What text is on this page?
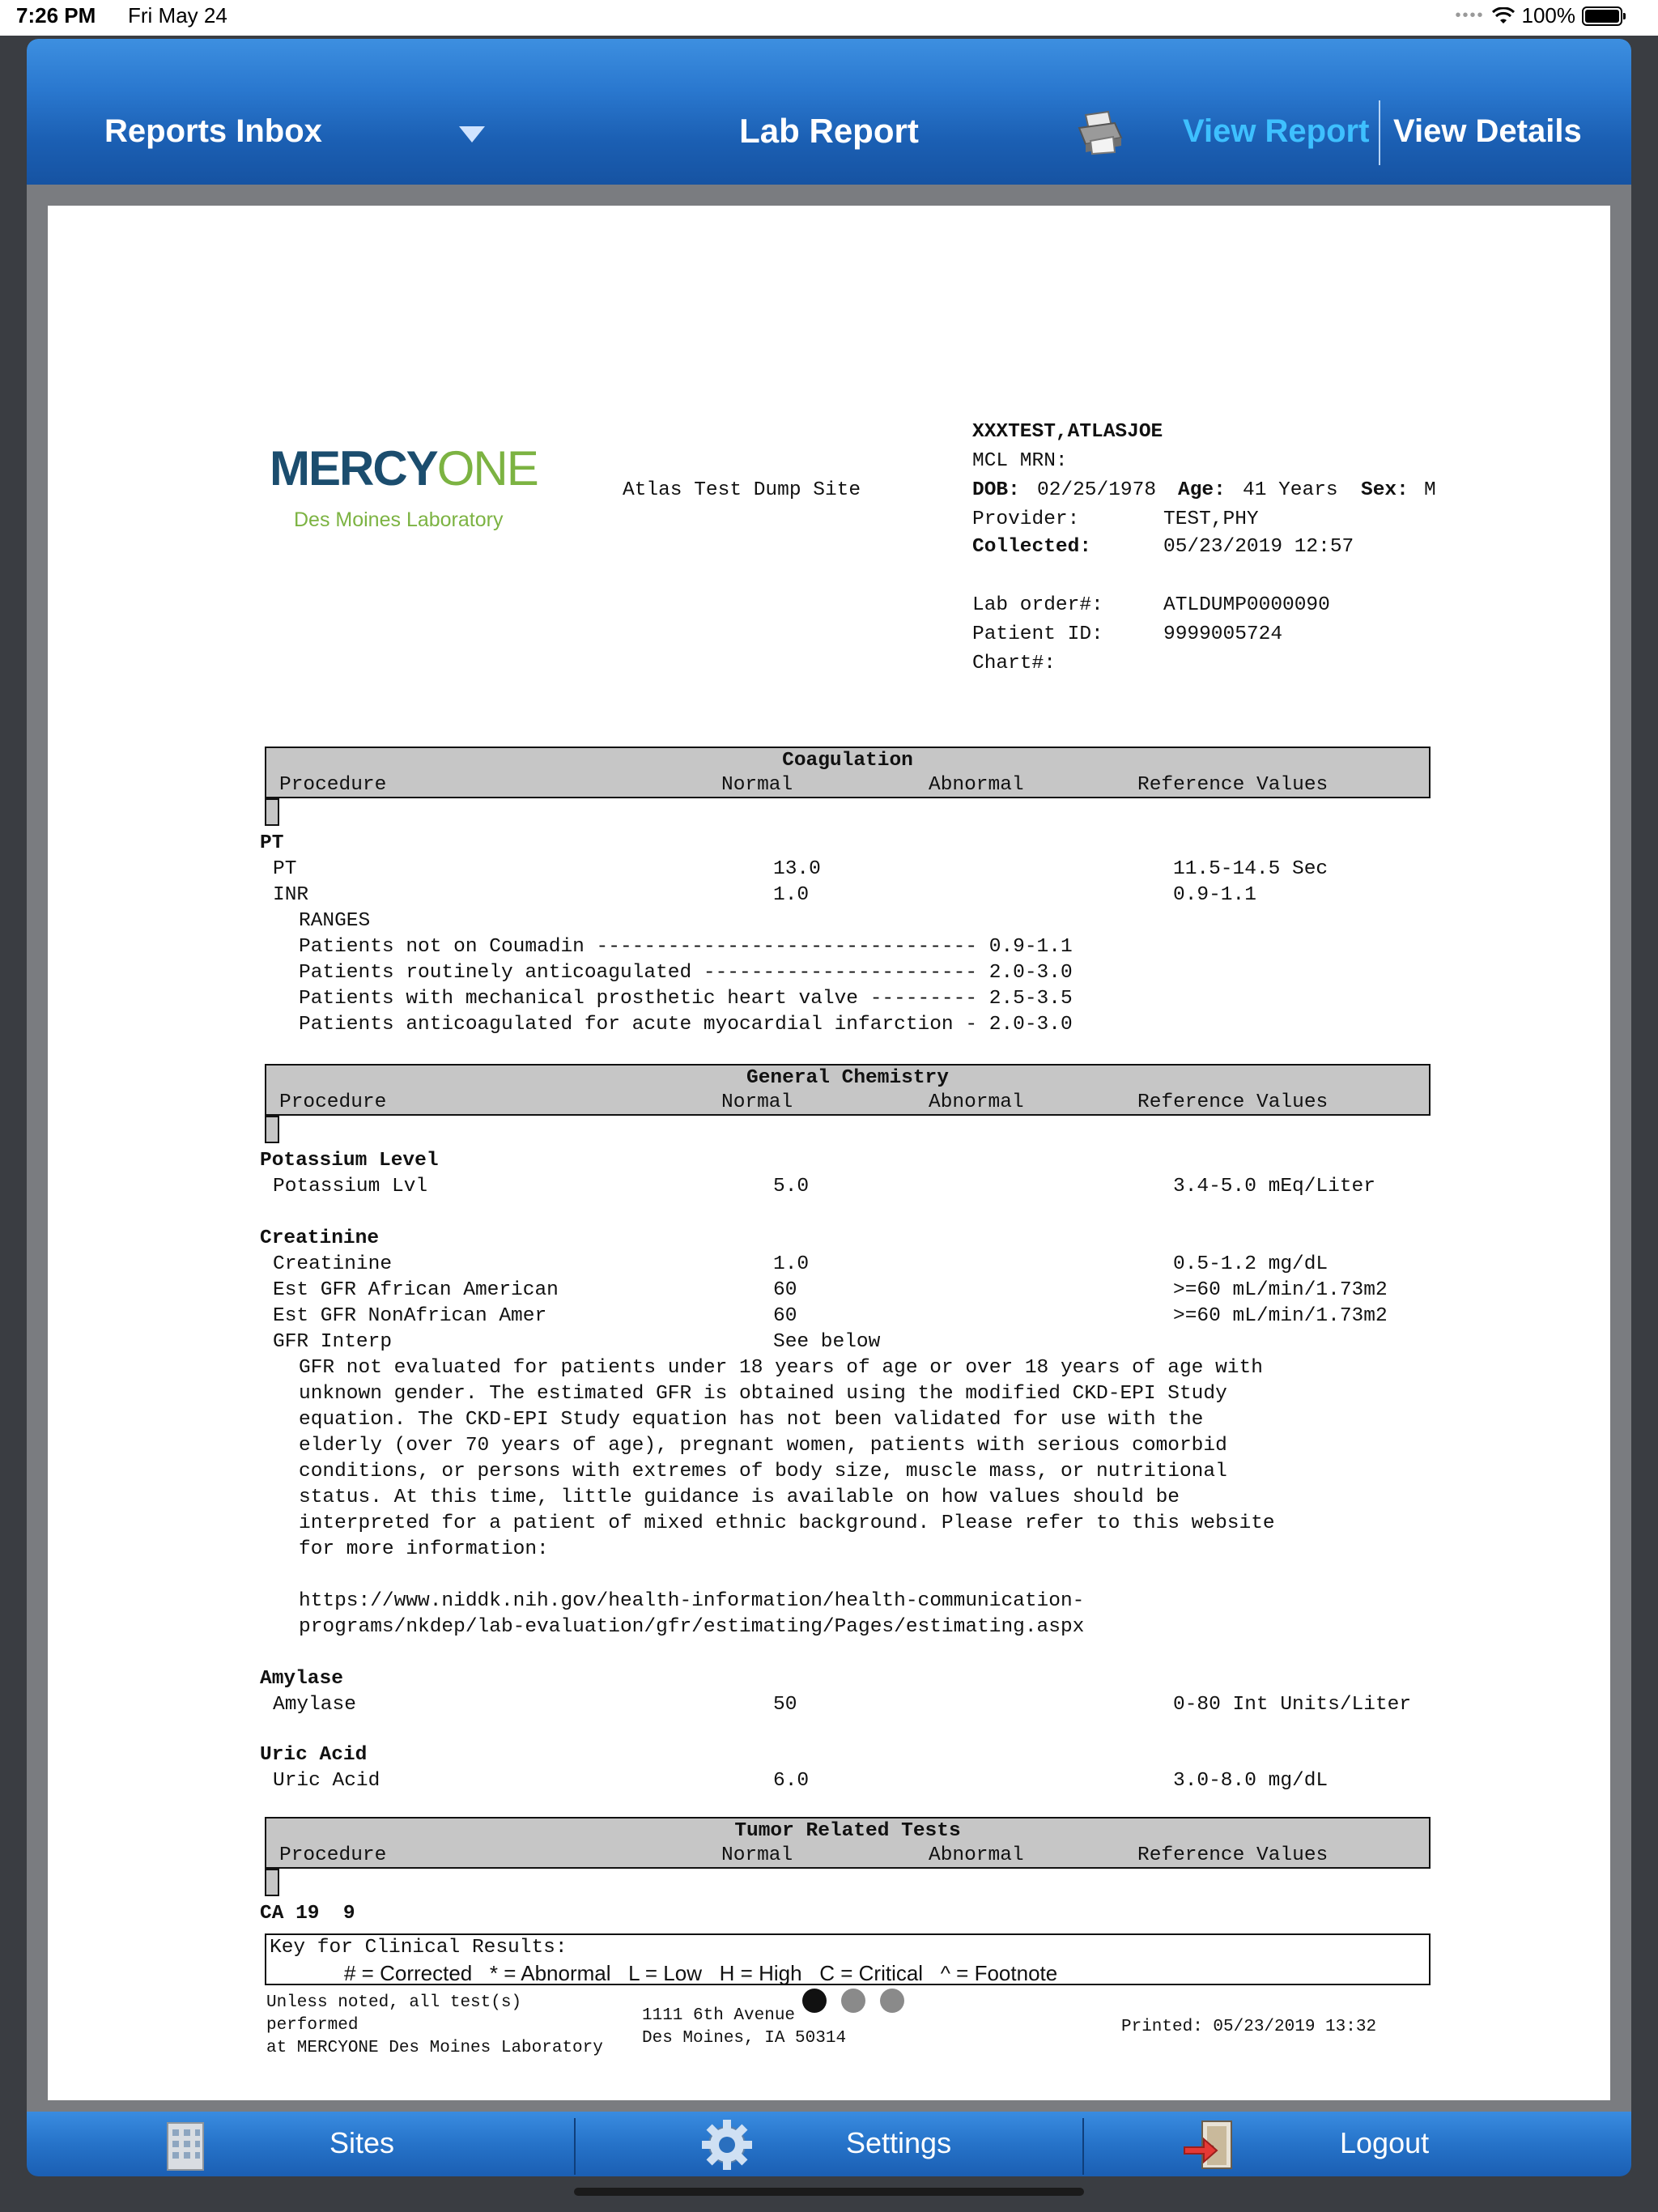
7:26 PM Fri May 24	•••• 100%
Reports Inbox	Lab Report	View Report View Details
MERCYONE
Des Moines Laboratory
Atlas Test Dump Site
XXXTEST,ATLASJOE
MCL MRN:
DOB: 02/25/1978 Age: 41 Years Sex: M
Provider:	TEST,PHY
Collected:	05/23/2019 12:57
Lab order#:	ATLDUMP0000090
Patient ID:	9999005724
Chart#:
Coagulation
Procedure	Normal	Abnormal	Reference Values
PT
PT	13.0	11.5-14.5 Sec
INR	1.0	0.9-1.1
RANGES
Patients not on Coumadin -------------------------------- 0.9-1.1
Patients routinely anticoagulated ----------------------- 2.0-3.0
Patients with mechanical prosthetic heart valve --------- 2.5-3.5
Patients anticoagulated for acute myocardial infarction - 2.0-3.0
General Chemistry
Procedure	Normal	Abnormal	Reference Values
Potassium Level
Potassium Lvl	5.0	3.4-5.0 mEq/Liter
Creatinine
Creatinine	1.0	0.5-1.2 mg/dL
Est GFR African American	60	>=60 mL/min/1.73m2
Est GFR NonAfrican Amer	60	>=60 mL/min/1.73m2
GFR Interp	See below
GFR not evaluated for patients under 18 years of age or over 18 years of age with
unknown gender. The estimated GFR is obtained using the modified CKD-EPI Study
equation. The CKD-EPI Study equation has not been validated for use with the
elderly (over 70 years of age), pregnant women, patients with serious comorbid
conditions, or persons with extremes of body size, muscle mass, or nutritional
status. At this time, little guidance is available on how values should be
interpreted for a patient of mixed ethnic background. Please refer to this website
for more information:
https://www.niddk.nih.gov/health-information/health-communication-
programs/nkdep/lab-evaluation/gfr/estimating/Pages/estimating.aspx
Amylase
Amylase	50	0-80 Int Units/Liter
Uric Acid
Uric Acid	6.0	3.0-8.0 mg/dL
Tumor Related Tests
Procedure	Normal	Abnormal	Reference Values
CA 19  9
Key for Clinical Results:
# = Corrected   * = Abnormal   L = Low   H = High   C = Critical   ^ = Footnote
Unless noted, all test(s)
performed
at MERCYONE Des Moines Laboratory
1111 6th Avenue
Des Moines, IA 50314
Printed: 05/23/2019 13:32
Sites	Settings	Logout
